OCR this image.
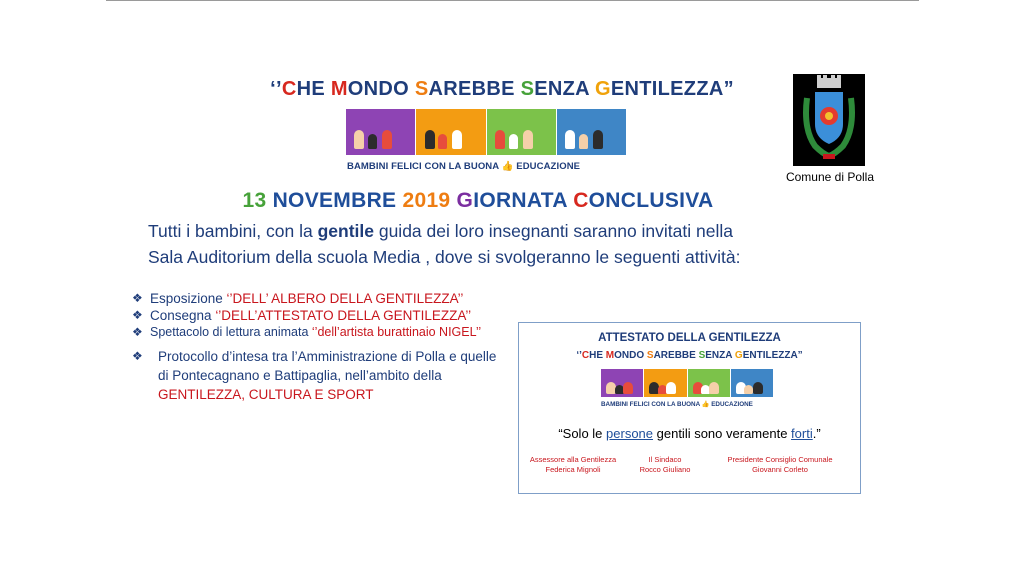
‘’CHE MONDO SAREBBE SENZA GENTILEZZA”
BAMBINI FELICI CON LA BUONA 👍 EDUCAZIONE
13 NOVEMBRE 2019 GIORNATA CONCLUSIVA
Tutti i bambini, con la gentile guida dei loro insegnanti saranno invitati nella
Sala Auditorium della scuola Media , dove si svolgeranno le seguenti attività:
❖ Esposizione ‘’DELL’ ALBERO DELLA GENTILEZZA’’
❖ Consegna ‘’DELL’ATTESTATO DELLA GENTILEZZA’’
❖ Spettacolo di lettura animata ‘’dell’artista burattinaio NIGEL’’
❖ Protocollo d’intesa tra l’Amministrazione di Polla e quelle di Pontecagnano e Battipaglia, nell’ambito della GENTILEZZA, CULTURA E SPORT
Comune di Polla
ATTESTATO DELLA GENTILEZZA
‘’CHE MONDO SAREBBE SENZA GENTILEZZA”
BAMBINI FELICI CON LA BUONA 👍 EDUCAZIONE
“Solo le persone gentili sono veramente forti.”
Assessore alla Gentilezza
Federica Mignoli
Il Sindaco
Rocco Giuliano
Presidente Consiglio Comunale
Giovanni Corleto
